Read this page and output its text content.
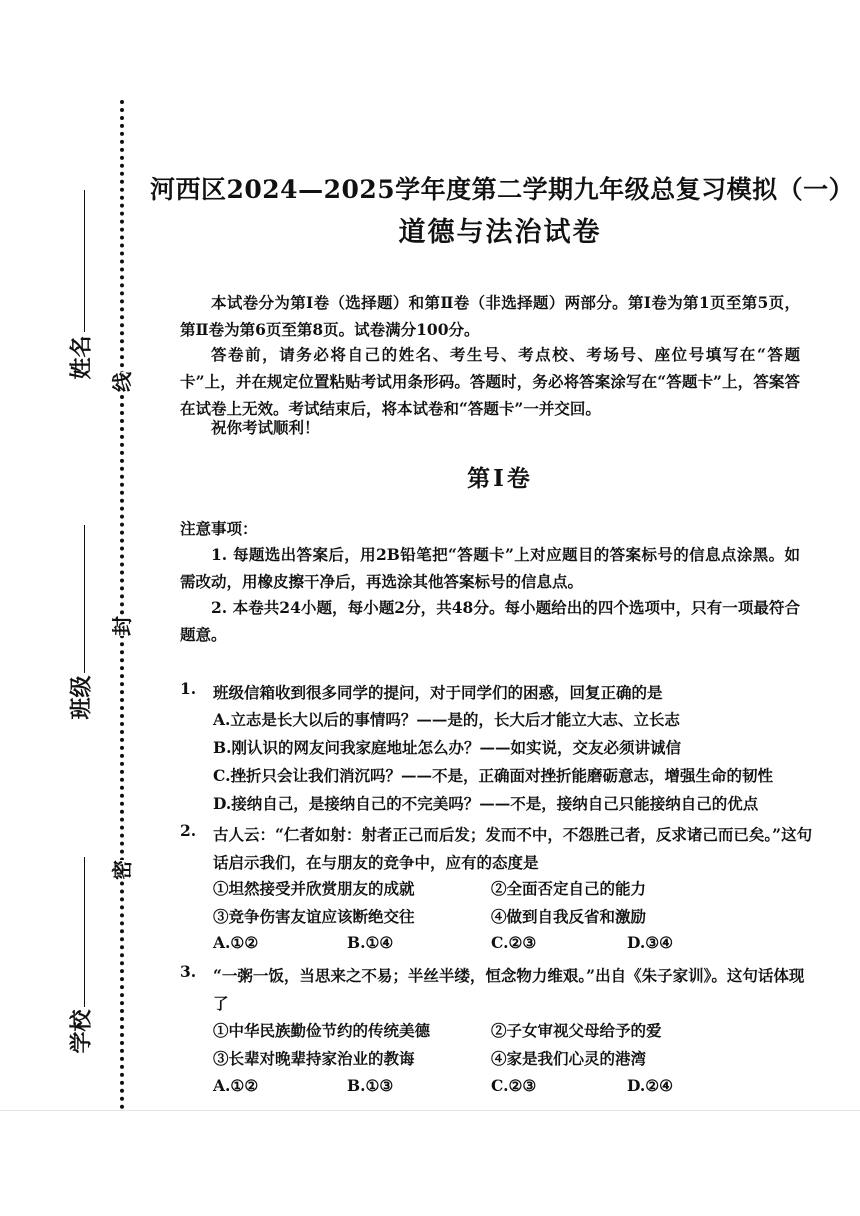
线
封
密
姓名
班级
学校
河西区2024—2025学年度第二学期九年级总复习模拟（一）
道德与法治试卷
本试卷分为第Ⅰ卷（选择题）和第Ⅱ卷（非选择题）两部分。第Ⅰ卷为第1页至第5页，第Ⅱ卷为第6页至第8页。试卷满分100分。
答卷前，请务必将自己的姓名、考生号、考点校、考场号、座位号填写在“答题卡”上，并在规定位置粘贴考试用条形码。答题时，务必将答案涂写在“答题卡”上，答案答在试卷上无效。考试结束后，将本试卷和“答题卡”一并交回。
祝你考试顺利！
第Ⅰ卷
注意事项：
1. 每题选出答案后，用2B铅笔把“答题卡”上对应题目的答案标号的信息点涂黑。如需改动，用橡皮擦干净后，再选涂其他答案标号的信息点。
2. 本卷共24小题，每小题2分，共48分。每小题给出的四个选项中，只有一项最符合题意。
1. 班级信箱收到很多同学的提问，对于同学们的困惑，回复正确的是
A.立志是长大以后的事情吗？——是的，长大后才能立大志、立长志
B.刚认识的网友问我家庭地址怎么办？——如实说，交友必须讲诚信
C.挫折只会让我们消沉吗？——不是，正确面对挫折能磨砺意志，增强生命的韧性
D.接纳自己，是接纳自己的不完美吗？——不是，接纳自己只能接纳自己的优点
2. 古人云：“仁者如射：射者正己而后发；发而不中，不怨胜己者，反求诸己而已矣。”这句话启示我们，在与朋友的竞争中，应有的态度是
①坦然接受并欣赏朋友的成就	②全面否定自己的能力
③竞争伤害友谊应该断绝交往	④做到自我反省和激励
A.①②	B.①④	C.②③	D.③④
3. “一粥一饭，当思来之不易；半丝半缕，恒念物力维艰。”出自《朱子家训》。这句话体现了
①中华民族勤俭节约的传统美德	②子女审视父母给予的爱
③长辈对晚辈持家治业的教诲	④家是我们心灵的港湾
A.①②	B.①③	C.②③	D.②④
